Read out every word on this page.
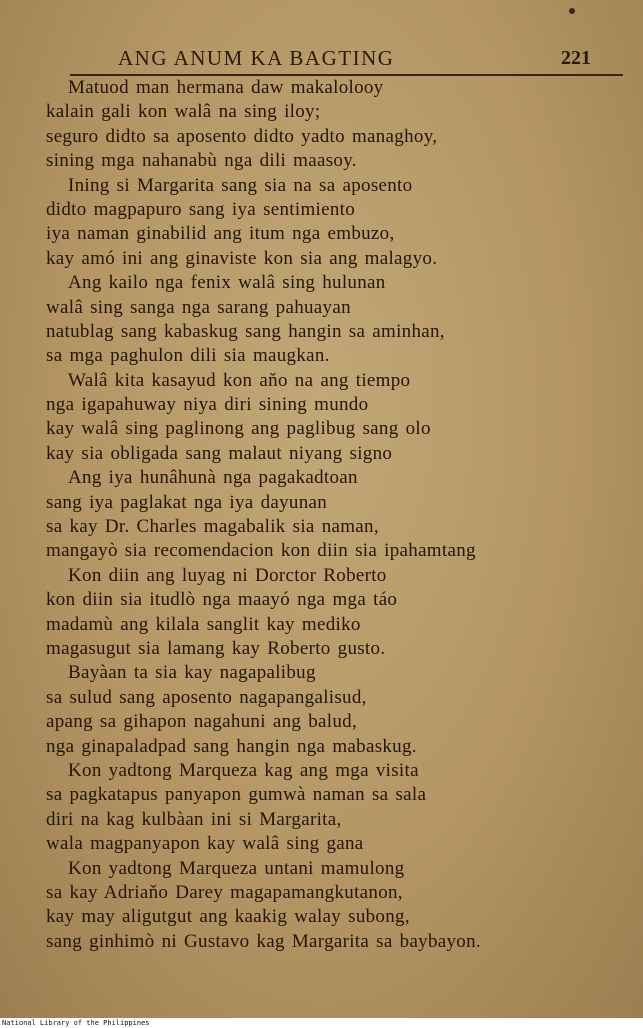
ANG ANUM KA BAGTING	221
Matuod man hermana daw makalolooy
kalain gali kon walâ na sing iloy;
seguro didto sa aposento didto yadto managhoy,
sining mga nahanabù nga dili maasoy.
Ining si Margarita sang sia na sa aposento
didto magpapuro sang iya sentimiento
iya naman ginabilid ang itum nga embuzo,
kay amó ini ang ginaviste kon sia ang malagyo.
Ang kailo nga fenix walâ sing hulunan
walâ sing sanga nga sarang pahuayan
natublag sang kabaskug sang hangin sa aminhan,
sa mga paghulon dili sia maugkan.
Walâ kita kasayud kon aňo na ang tiempo
nga igapahuway niya diri sining mundo
kay walâ sing paglinong ang paglibug sang olo
kay sia obligada sang malaut niyang signo
Ang iya hunâhunà nga pagakadtoan
sang iya paglakat nga iya dayunan
sa kay Dr. Charles magabalik sia naman,
mangayò sia recomendacion kon diin sia ipahamtang
Kon diin ang luyag ni Dorctor Roberto
kon diin sia itudlò nga maayó nga mga táo
madamù ang kilala sanglit kay mediko
magasugut sia lamang kay Roberto gusto.
Bayàan ta sia kay nagapalibug
sa sulud sang aposento nagapangalisud,
apang sa gihapon nagahuni ang balud,
nga ginapaladpad sang hangin nga mabaskug.
Kon yadtong Marqueza kag ang mga visita
sa pagkatapus panyapon gumwà naman sa sala
diri na kag kulbàan ini si Margarita,
wala magpanyapon kay walâ sing gana
Kon yadtong Marqueza untani mamulong
sa kay Adriaňo Darey magapamangkutanon,
kay may aligutgut ang kaakig walay subong,
sang ginhimò ni Gustavo kag Margarita sa baybayon.
National Library of the Philippines
